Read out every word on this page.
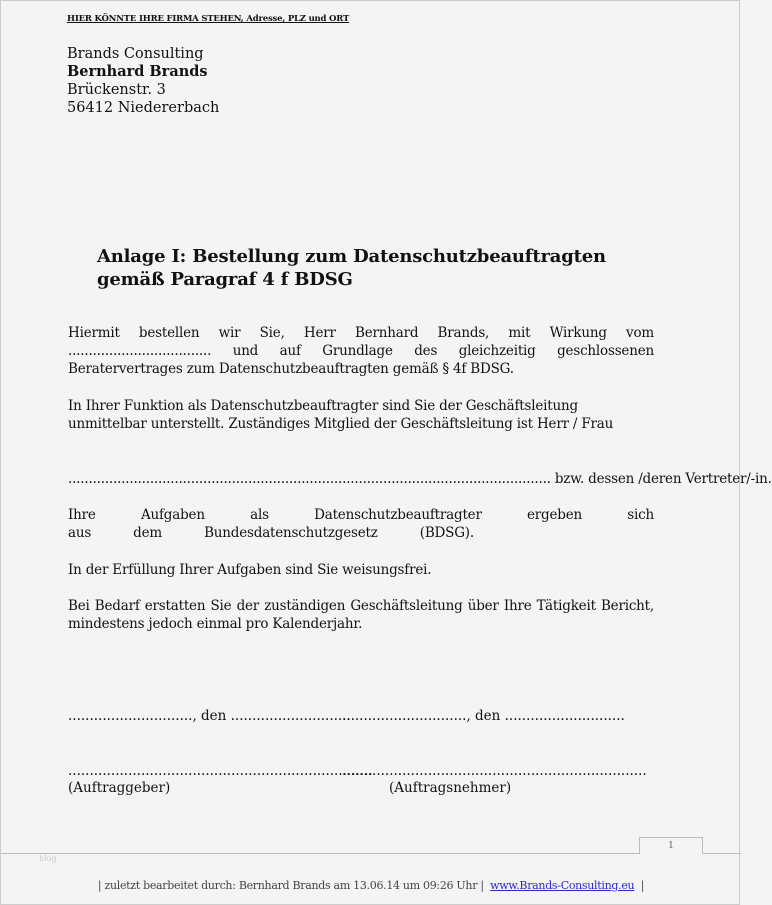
HIER KÖNNTE IHRE FIRMA STEHEN, Adresse, PLZ und ORT
Brands Consulting
Bernhard Brands
Brückenstr. 3
56412 Niedererbach
Anlage I: Bestellung zum Datenschutzbeauftragten gemäß Paragraf 4 f BDSG
Hiermit bestellen wir Sie, Herr Bernhard Brands, mit Wirkung vom ................................... und auf Grundlage des gleichzeitig geschlossenen Beratervertrages zum Datenschutzbeauftragten gemäß § 4f BDSG.
In Ihrer Funktion als Datenschutzbeauftragter sind Sie der Geschäftsleitung unmittelbar unterstellt. Zuständiges Mitglied der Geschäftsleitung ist Herr / Frau
...................................................................................................................... bzw. dessen /deren Vertreter/-in.
Ihre Aufgaben als Datenschutzbeauftragter ergeben sich aus dem Bundesdatenschutzgesetz (BDSG).
In der Erfüllung Ihrer Aufgaben sind Sie weisungsfrei.
Bei Bedarf erstatten Sie der zuständigen Geschäftsleitung über Ihre Tätigkeit Bericht, mindestens jedoch einmal pro Kalenderjahr.
............................., den ............................
............................., den ............................
.......................................................................
.......................................................................
(Auftraggeber)	(Auftragsnehmer)
1
blog
| zuletzt bearbeitet durch: Bernhard Brands am 13.06.14 um 09:26 Uhr | www.Brands-Consulting.eu |
